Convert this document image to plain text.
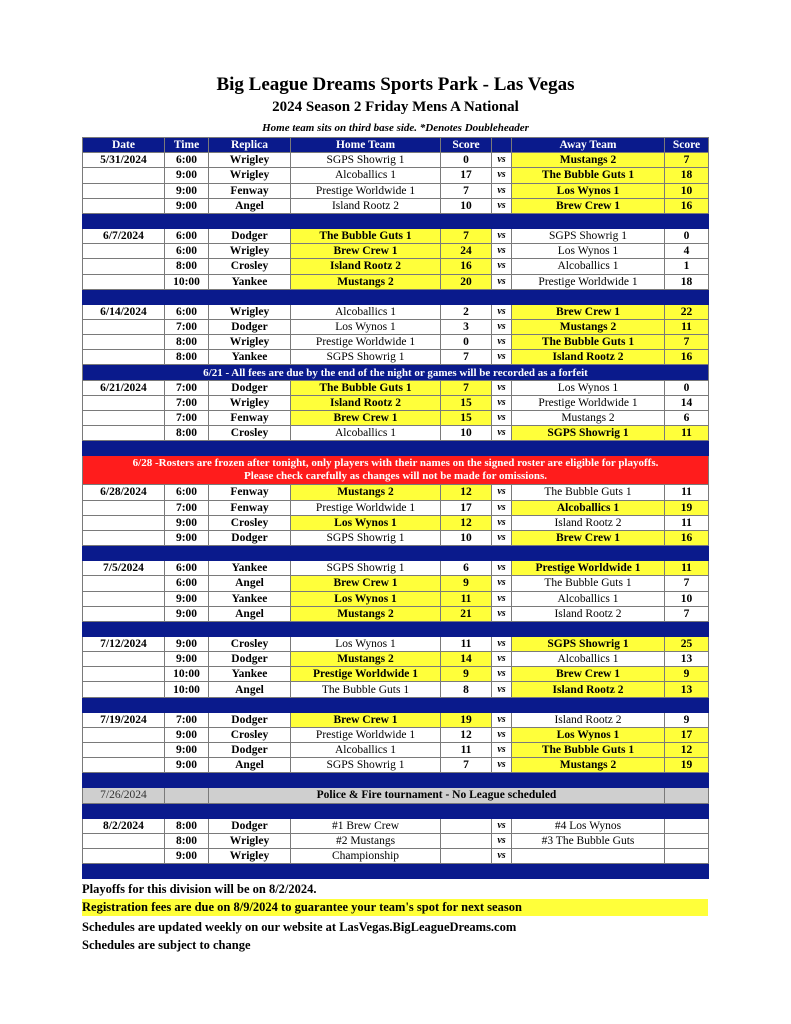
Big League Dreams Sports Park - Las Vegas
2024 Season 2 Friday Mens A National
Home team sits on third base side. *Denotes Doubleheader
Date	Time	Replica	Home Team	Score		Away Team	Score
5/31/2024	6:00	Wrigley	SGPS Showrig 1	0	vs	Mustangs 2	7
	9:00	Wrigley	Alcoballics 1	17	vs	The Bubble Guts 1	18
	9:00	Fenway	Prestige Worldwide 1	7	vs	Los Wynos 1	10
	9:00	Angel	Island Rootz 2	10	vs	Brew Crew 1	16

6/7/2024	6:00	Dodger	The Bubble Guts 1	7	vs	SGPS Showrig 1	0
	6:00	Wrigley	Brew Crew 1	24	vs	Los Wynos 1	4
	8:00	Crosley	Island Rootz 2	16	vs	Alcoballics 1	1
	10:00	Yankee	Mustangs 2	20	vs	Prestige Worldwide 1	18

6/14/2024	6:00	Wrigley	Alcoballics 1	2	vs	Brew Crew 1	22
	7:00	Dodger	Los Wynos 1	3	vs	Mustangs 2	11
	8:00	Wrigley	Prestige Worldwide 1	0	vs	The Bubble Guts 1	7
	8:00	Yankee	SGPS Showrig 1	7	vs	Island Rootz 2	16
6/21 - All fees are due by the end of the night or games will be recorded as a forfeit							
6/21/2024	7:00	Dodger	The Bubble Guts 1	7	vs	Los Wynos 1	0
	7:00	Wrigley	Island Rootz 2	15	vs	Prestige Worldwide 1	14
	7:00	Fenway	Brew Crew 1	15	vs	Mustangs 2	6
	8:00	Crosley	Alcoballics 1	10	vs	SGPS Showrig 1	11

6/28 -Rosters are frozen after tonight, only players with their names on the signed roster are eligible for playoffs.
Please check carefully as changes will not be made for omissions.							

6/28/2024	6:00	Fenway	Mustangs 2	12	vs	The Bubble Guts 1	11
	7:00	Fenway	Prestige Worldwide 1	17	vs	Alcoballics 1	19
	9:00	Crosley	Los Wynos 1	12	vs	Island Rootz 2	11
	9:00	Dodger	SGPS Showrig 1	10	vs	Brew Crew 1	16

7/5/2024	6:00	Yankee	SGPS Showrig 1	6	vs	Prestige Worldwide 1	11
	6:00	Angel	Brew Crew 1	9	vs	The Bubble Guts 1	7
	9:00	Yankee	Los Wynos 1	11	vs	Alcoballics 1	10
	9:00	Angel	Mustangs 2	21	vs	Island Rootz 2	7

7/12/2024	9:00	Crosley	Los Wynos 1	11	vs	SGPS Showrig 1	25
	9:00	Dodger	Mustangs 2	14	vs	Alcoballics 1	13
	10:00	Yankee	Prestige Worldwide 1	9	vs	Brew Crew 1	9
	10:00	Angel	The Bubble Guts 1	8	vs	Island Rootz 2	13

7/19/2024	7:00	Dodger	Brew Crew 1	19	vs	Island Rootz 2	9
	9:00	Crosley	Prestige Worldwide 1	12	vs	Los Wynos 1	17
	9:00	Dodger	Alcoballics 1	11	vs	The Bubble Guts 1	12
	9:00	Angel	SGPS Showrig 1	7	vs	Mustangs 2	19

7/26/2024		Police & Fire tournament - No League scheduled					

8/2/2024	8:00	Dodger	#1 Brew Crew		vs	#4 Los Wynos	
	8:00	Wrigley	#2 Mustangs		vs	#3 The Bubble Guts	
	9:00	Wrigley	Championship		vs		

Playoffs for this division will be on 8/2/2024.
Registration fees are due on 8/9/2024 to guarantee your team's spot for next season
Schedules are updated weekly on our website at LasVegas.BigLeagueDreams.com
Schedules are subject to change
